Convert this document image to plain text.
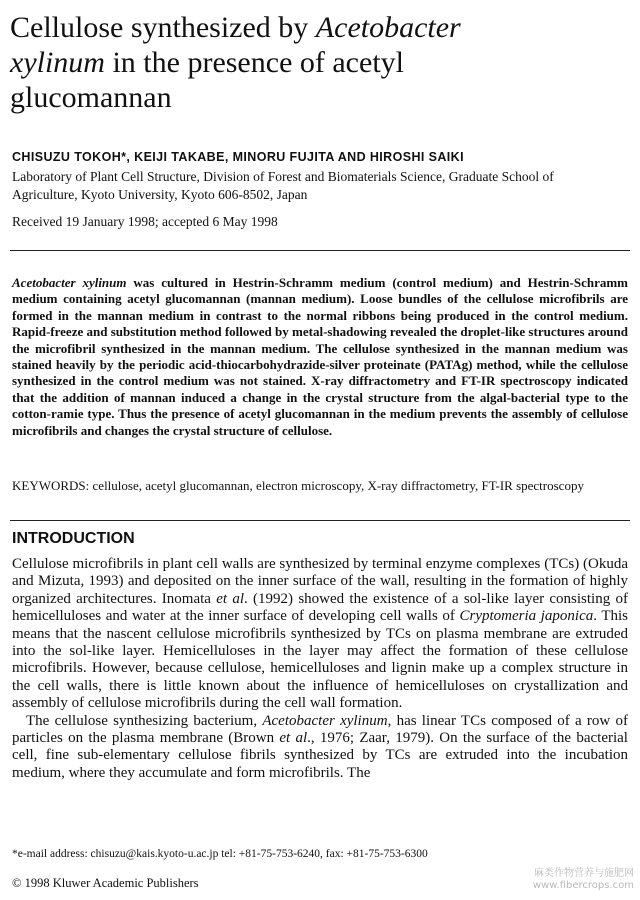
Cellulose synthesized by Acetobacter
xylinum in the presence of acetyl
glucomannan
CHISUZU TOKOH*, KEIJI TAKABE, MINORU FUJITA AND HIROSHI SAIKI
Laboratory of Plant Cell Structure, Division of Forest and Biomaterials Science, Graduate School of
Agriculture, Kyoto University, Kyoto 606-8502, Japan
Received 19 January 1998; accepted 6 May 1998

Acetobacter xylinum was cultured in Hestrin-Schramm medium (control medium) and Hestrin-Schramm medium containing acetyl glucomannan (mannan medium). Loose bundles of the cellulose microfibrils are formed in the mannan medium in contrast to the normal ribbons being produced in the control medium. Rapid-freeze and substitution method followed by metal-shadowing revealed the droplet-like structures around the microfibril synthesized in the mannan medium. The cellulose synthesized in the mannan medium was stained heavily by the periodic acid-thiocarbohydrazide-silver proteinate (PATAg) method, while the cellulose synthesized in the control medium was not stained. X-ray diffractometry and FT-IR spectroscopy indicated that the addition of mannan induced a change in the crystal structure from the algal-bacterial type to the cotton-ramie type. Thus the presence of acetyl glucomannan in the medium prevents the assembly of cellulose microfibrils and changes the crystal structure of cellulose.

KEYWORDS: cellulose, acetyl glucomannan, electron microscopy, X-ray diffractometry, FT-IR spectroscopy

INTRODUCTION

Cellulose microfibrils in plant cell walls are synthesized by terminal enzyme complexes (TCs) (Okuda and Mizuta, 1993) and deposited on the inner surface of the wall, resulting in the formation of highly organized architectures. Inomata et al. (1992) showed the existence of a sol-like layer consisting of hemicelluloses and water at the inner surface of developing cell walls of Cryptomeria japonica. This means that the nascent cellulose microfibrils synthesized by TCs on plasma membrane are extruded into the sol-like layer. Hemicelluloses in the layer may affect the formation of these cellulose microfibrils. However, because cellulose, hemicelluloses and lignin make up a complex structure in the cell walls, there is little known about the influence of hemicelluloses on crystallization and assembly of cellulose microfibrils during the cell wall formation.

The cellulose synthesizing bacterium, Acetobacter xylinum, has linear TCs composed of a row of particles on the plasma membrane (Brown et al., 1976; Zaar, 1979). On the surface of the bacterial cell, fine sub-elementary cellulose fibrils synthesized by TCs are extruded into the incubation medium, where they accumulate and form microfibrils. The

*e-mail address: chisuzu@kais.kyoto-u.ac.jp tel: +81-75-753-6240, fax: +81-75-753-6300
© 1998 Kluwer Academic Publishers
麻类作物营养与施肥网
www.fibercrops.com
